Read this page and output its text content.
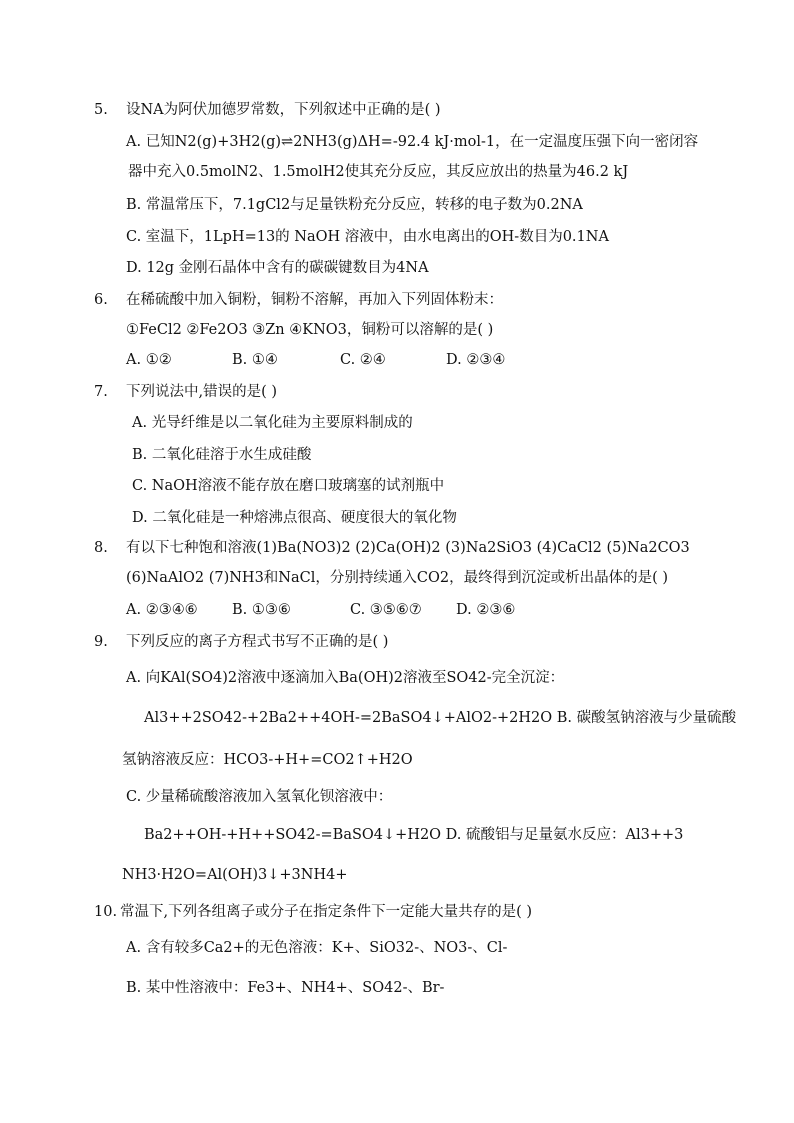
5. 设NA为阿伏加德罗常数，下列叙述中正确的是( )
A. 已知N2(g)+3H2(g)⇌2NH3(g)ΔH=-92.4 kJ·mol-1，在一定温度压强下向一密闭容
器中充入0.5molN2、1.5molH2使其充分反应，其反应放出的热量为46.2 kJ
B. 常温常压下，7.1gCl2与足量铁粉充分反应，转移的电子数为0.2NA
C. 室温下，1LpH=13的 NaOH 溶液中，由水电离出的OH-数目为0.1NA
D. 12g 金刚石晶体中含有的碳碳键数目为4NA
6. 在稀硫酸中加入铜粉，铜粉不溶解，再加入下列固体粉末：
①FeCl2 ②Fe2O3 ③Zn ④KNO3，铜粉可以溶解的是( )
A. ①②	B. ①④	C. ②④	D. ②③④
7. 下列说法中,错误的是( )
A. 光导纤维是以二氧化硅为主要原料制成的
B. 二氧化硅溶于水生成硅酸
C. NaOH溶液不能存放在磨口玻璃塞的试剂瓶中
D. 二氧化硅是一种熔沸点很高、硬度很大的氧化物
8. 有以下七种饱和溶液(1)Ba(NO3)2 (2)Ca(OH)2 (3)Na2SiO3 (4)CaCl2 (5)Na2CO3
(6)NaAlO2 (7)NH3和NaCl，分别持续通入CO2，最终得到沉淀或析出晶体的是( )
A. ②③④⑥ B. ①③⑥	C. ③⑤⑥⑦ D. ②③⑥
9. 下列反应的离子方程式书写不正确的是( )
A. 向KAl(SO4)2溶液中逐滴加入Ba(OH)2溶液至SO42-完全沉淀：
Al3++2SO42-+2Ba2++4OH-=2BaSO4↓+AlO2-+2H2O B. 碳酸氢钠溶液与少量硫酸
氢钠溶液反应：HCO3-+H+=CO2↑+H2O
C. 少量稀硫酸溶液加入氢氧化钡溶液中：
Ba2++OH-+H++SO42-=BaSO4↓+H2O D. 硫酸铝与足量氨水反应：Al3++3
NH3·H2O=Al(OH)3↓+3NH4+
10. 常温下,下列各组离子或分子在指定条件下一定能大量共存的是( )
A. 含有较多Ca2+的无色溶液：K+、SiO32-、NO3-、Cl-
B. 某中性溶液中：Fe3+、NH4+、SO42-、Br-
